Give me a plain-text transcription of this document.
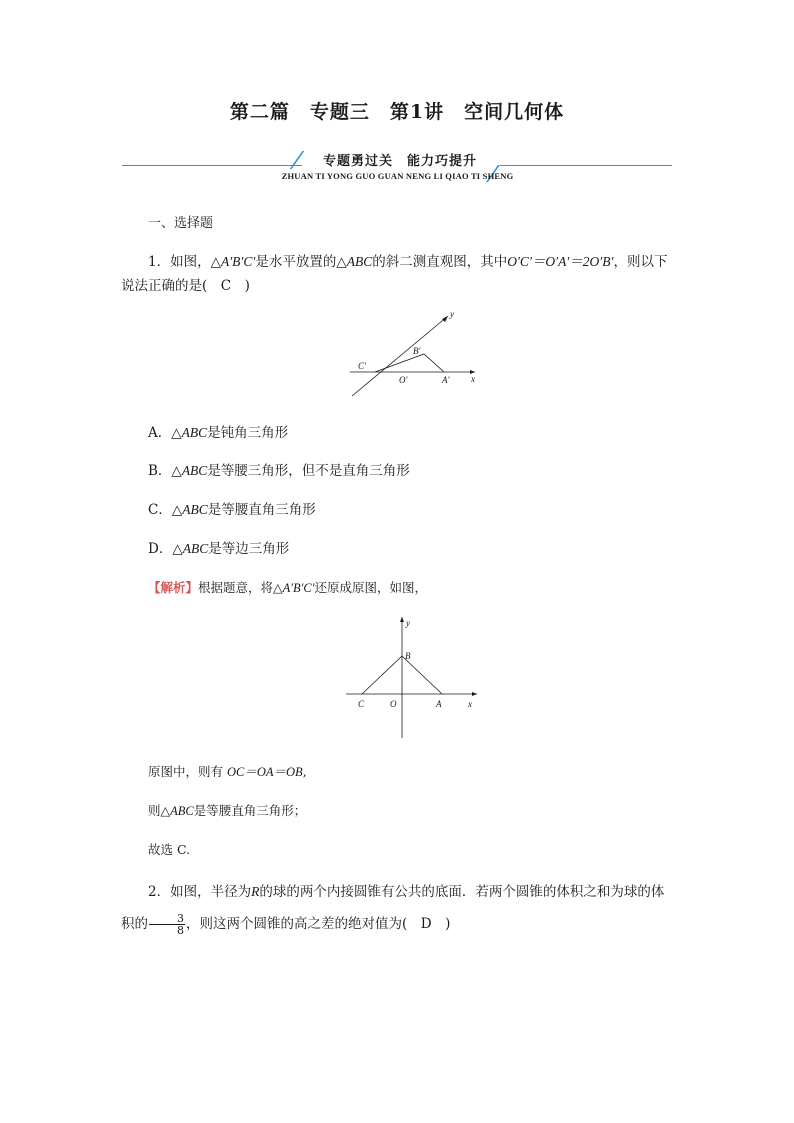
第二篇　专题三　第1讲　空间几何体
专题勇过关　能力巧提升
ZHUAN TI YONG GUO GUAN NENG LI QIAO TI SHENG
一、选择题
1．如图，△A′B′C′是水平放置的△ABC的斜二测直观图，其中O′C′＝O′A′＝2O′B′，则以下说法正确的是(　C　)
y
B′
C′
O′	A′ x
A．△ABC是钝角三角形
B．△ABC是等腰三角形，但不是直角三角形
C．△ABC是等腰直角三角形
D．△ABC是等边三角形
【解析】根据题意，将△A′B′C′还原成原图，如图，
y
B
C	O	A	x
原图中，则有 OC＝OA＝OB,
则△ABC是等腰直角三角形；
故选 C.
2．如图，半径为R的球的两个内接圆锥有公共的底面．若两个圆锥的体积之和为球的体积的 $\frac{3}{8}$ ，则这两个圆锥的高之差的绝对值为(　D　)
